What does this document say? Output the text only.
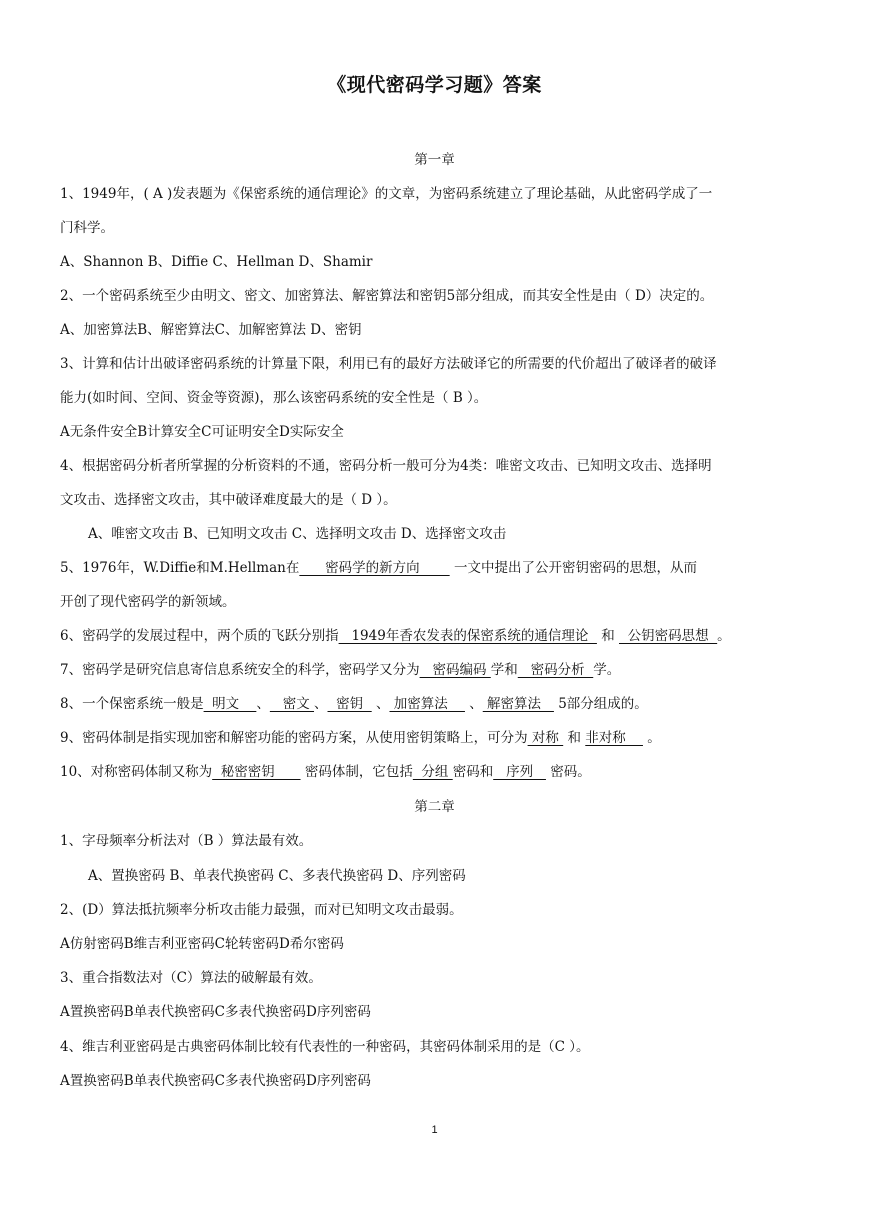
《现代密码学习题》答案
第一章
1、1949年，( A )发表题为《保密系统的通信理论》的文章，为密码系统建立了理论基础，从此密码学成了一
门科学。
A、Shannon B、Diffie C、Hellman D、Shamir
2、一个密码系统至少由明文、密文、加密算法、解密算法和密钥5部分组成，而其安全性是由（ D）决定的。
A、加密算法B、解密算法C、加解密算法 D、密钥
3、计算和估计出破译密码系统的计算量下限，利用已有的最好方法破译它的所需要的代价超出了破译者的破译
能力(如时间、空间、资金等资源)，那么该密码系统的安全性是（ B ）。
A无条件安全B计算安全C可证明安全D实际安全
4、根据密码分析者所掌握的分析资料的不通，密码分析一般可分为4类：唯密文攻击、已知明文攻击、选择明
文攻击、选择密文攻击，其中破译难度最大的是（ D ）。
A、唯密文攻击 B、已知明文攻击 C、选择明文攻击 D、选择密文攻击
5、1976年，W.Diffie和M.Hellman在      密码学的新方向        一文中提出了公开密钥密码的思想，从而
开创了现代密码学的新领域。
6、密码学的发展过程中，两个质的飞跃分别指   1949年香农发表的保密系统的通信理论   和   公钥密码思想  。
7、密码学是研究信息寄信息系统安全的科学，密码学又分为   密码编码 学和   密码分析  学。
8、一个保密系统一般是  明文    、   密文 、  密钥   、 加密算法     、 解密算法    5部分组成的。
9、密码体制是指实现加密和解密功能的密码方案，从使用密钥策略上，可分为 对称  和 非对称     。
10、对称密码体制又称为  秘密密钥       密码体制，它包括  分组 密码和   序列    密码。
第二章
1、字母频率分析法对（B ）算法最有效。
A、置换密码 B、单表代换密码 C、多表代换密码 D、序列密码
2、(D）算法抵抗频率分析攻击能力最强，而对已知明文攻击最弱。
A仿射密码B维吉利亚密码C轮转密码D希尔密码
3、重合指数法对（C）算法的破解最有效。
A置换密码B单表代换密码C多表代换密码D序列密码
4、维吉利亚密码是古典密码体制比较有代表性的一种密码，其密码体制采用的是（C ）。
A置换密码B单表代换密码C多表代换密码D序列密码
1
